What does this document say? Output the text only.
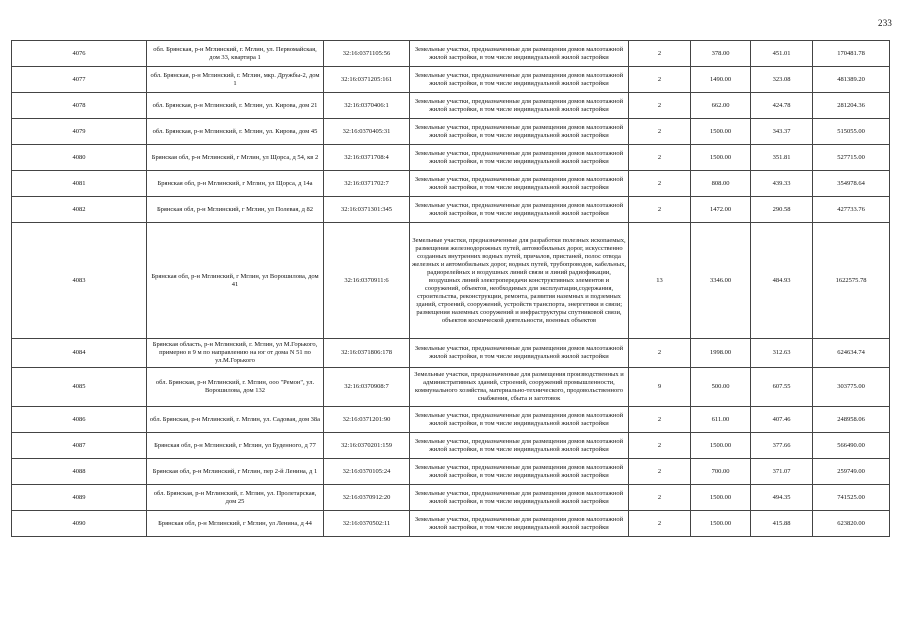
233
4076	обл. Брянская, р-н Мглинский, г. Мглин, ул. Первомайская, дом 33, квартира 1	32:16:0371105:56	Земельные участки, предназначенные для размещения домов малоэтажной жилой застройки, в том числе индивидуальной жилой застройки	2	378.00	451.01	170481.78
4077	обл. Брянская, р-н Мглинский, г. Мглин, мкр. Дружбы-2, дом 1	32:16:0371205:161	Земельные участки, предназначенные для размещения домов малоэтажной жилой застройки, в том числе индивидуальной жилой застройки	2	1490.00	323.08	481389.20
4078	обл. Брянская, р-н Мглинский, г. Мглин, ул. Кирова, дом 21	32:16:0370406:1	Земельные участки, предназначенные для размещения домов малоэтажной жилой застройки, в том числе индивидуальной жилой застройки	2	662.00	424.78	281204.36
4079	обл. Брянская, р-н Мглинский, г. Мглин, ул. Кирова, дом 45	32:16:0370405:31	Земельные участки, предназначенные для размещения домов малоэтажной жилой застройки, в том числе индивидуальной жилой застройки	2	1500.00	343.37	515055.00
4080	Брянская обл, р-н Мглинский, г Мглин, ул Щорса, д 54, кв 2	32:16:0371708:4	Земельные участки, предназначенные для размещения домов малоэтажной жилой застройки, в том числе индивидуальной жилой застройки	2	1500.00	351.81	527715.00
4081	Брянская обл, р-н Мглинский, г Мглин, ул Щорса, д 14а	32:16:0371702:7	Земельные участки, предназначенные для размещения домов малоэтажной жилой застройки, в том числе индивидуальной жилой застройки	2	808.00	439.33	354978.64
4082	Брянская обл, р-н Мглинский, г Мглин, ул Полевая, д 82	32:16:0371301:345	Земельные участки, предназначенные для размещения домов малоэтажной жилой застройки, в том числе индивидуальной жилой застройки	2	1472.00	290.58	427733.76
4083	Брянская обл, р-н Мглинский, г Мглин, ул Ворошилова, дом 41	32:16:0370911:6	Земельные участки, предназначенные для разработки полезных ископаемых, размещения железнодорожных путей, автомобильных дорог, искусственно созданных внутренних водных путей, причалов, пристаней, полос отвода железных и автомобильных дорог, водных путей, трубопроводов, кабельных, радиорелейных и воздушных линий связи и линий радиофикации, воздушных линий электропередачи конструктивных элементов и сооружений, объектов, необходимых для эксплуатации,содержания, строительства, реконструкции, ремонта, развития наземных и подземных зданий, строений, сооружений, устройств транспорта, энергетики и связи; размещения наземных сооружений и инфраструктуры спутниковой связи, объектов космической деятельности, военных объектов	13	3346.00	484.93	1622575.78
4084	Брянская область, р-н Мглинский, г. Мглин, ул М.Горького, примерно в 9 м по направлению на юг от дома N 51 по ул.М.Горького	32:16:0371806:178	Земельные участки, предназначенные для размещения домов малоэтажной жилой застройки, в том числе индивидуальной жилой застройки	2	1998.00	312.63	624634.74
4085	обл. Брянская, р-н Мглинский, г. Мглин, ооо "Ремон", ул. Ворошилова, дом 132	32:16:0370908:7	Земельные участки, предназначенные для размещения производственных и административных зданий, строений, сооружений промышленности, коммунального хозяйства, материально-технического, продовольственного снабжения, сбыта и заготовок	9	500.00	607.55	303775.00
4086	обл. Брянская, р-н Мглинский, г. Мглин, ул. Садовая, дом 38а	32:16:0371201:90	Земельные участки, предназначенные для размещения домов малоэтажной жилой застройки, в том числе индивидуальной жилой застройки	2	611.00	407.46	248958.06
4087	Брянская обл, р-н Мглинский, г Мглин, ул Буденного, д 77	32:16:0370201:159	Земельные участки, предназначенные для размещения домов малоэтажной жилой застройки, в том числе индивидуальной жилой застройки	2	1500.00	377.66	566490.00
4088	Брянская обл, р-н Мглинский, г Мглин, пер 2-й Ленина, д 1	32:16:0370105:24	Земельные участки, предназначенные для размещения домов малоэтажной жилой застройки, в том числе индивидуальной жилой застройки	2	700.00	371.07	259749.00
4089	обл. Брянская, р-н Мглинский, г. Мглин, ул. Пролетарская, дом 25	32:16:0370912:20	Земельные участки, предназначенные для размещения домов малоэтажной жилой застройки, в том числе индивидуальной жилой застройки	2	1500.00	494.35	741525.00
4090	Брянская обл, р-н Мглинский, г Мглин, ул Ленина, д 44	32:16:0370502:11	Земельные участки, предназначенные для размещения домов малоэтажной жилой застройки, в том числе индивидуальной жилой застройки	2	1500.00	415.88	623820.00
